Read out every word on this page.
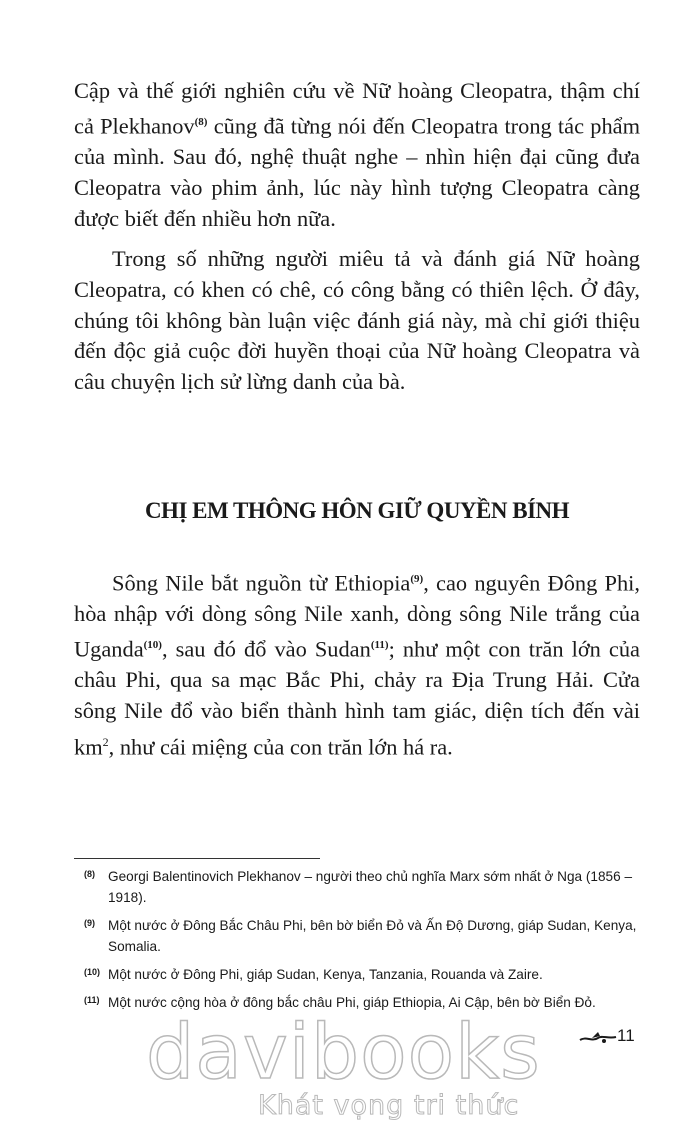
Cập và thế giới nghiên cứu về Nữ hoàng Cleopatra, thậm chí cả Plekhanov$^{(8)}$ cũng đã từng nói đến Cleopatra trong tác phẩm của mình. Sau đó, nghệ thuật nghe – nhìn hiện đại cũng đưa Cleopatra vào phim ảnh, lúc này hình tượng Cleopatra càng được biết đến nhiều hơn nữa.

Trong số những người miêu tả và đánh giá Nữ hoàng Cleopatra, có khen có chê, có công bằng có thiên lệch. Ở đây, chúng tôi không bàn luận việc đánh giá này, mà chỉ giới thiệu đến độc giả cuộc đời huyền thoại của Nữ hoàng Cleopatra và câu chuyện lịch sử lừng danh của bà.

CHỊ EM THÔNG HÔN GIỮ QUYỀN BÍNH

Sông Nile bắt nguồn từ Ethiopia$^{(9)}$, cao nguyên Đông Phi, hòa nhập với dòng sông Nile xanh, dòng sông Nile trắng của Uganda$^{(10)}$, sau đó đổ vào Sudan$^{(11)}$; như một con trăn lớn của châu Phi, qua sa mạc Bắc Phi, chảy ra Địa Trung Hải. Cửa sông Nile đổ vào biển thành hình tam giác, diện tích đến vài $km^2$, như cái miệng của con trăn lớn há ra.

(8) Georgi Balentinovich Plekhanov – người theo chủ nghĩa Marx sớm nhất ở Nga (1856 – 1918).
(9) Một nước ở Đông Bắc Châu Phi, bên bờ biển Đỏ và Ấn Độ Dương, giáp Sudan, Kenya, Somalia.
(10) Một nước ở Đông Phi, giáp Sudan, Kenya, Tanzania, Rouanda và Zaire.
(11) Một nước cộng hòa ở đông bắc châu Phi, giáp Ethiopia, Ai Cập, bên bờ Biển Đỏ.
davibooks
Khát vọng tri thức
11
